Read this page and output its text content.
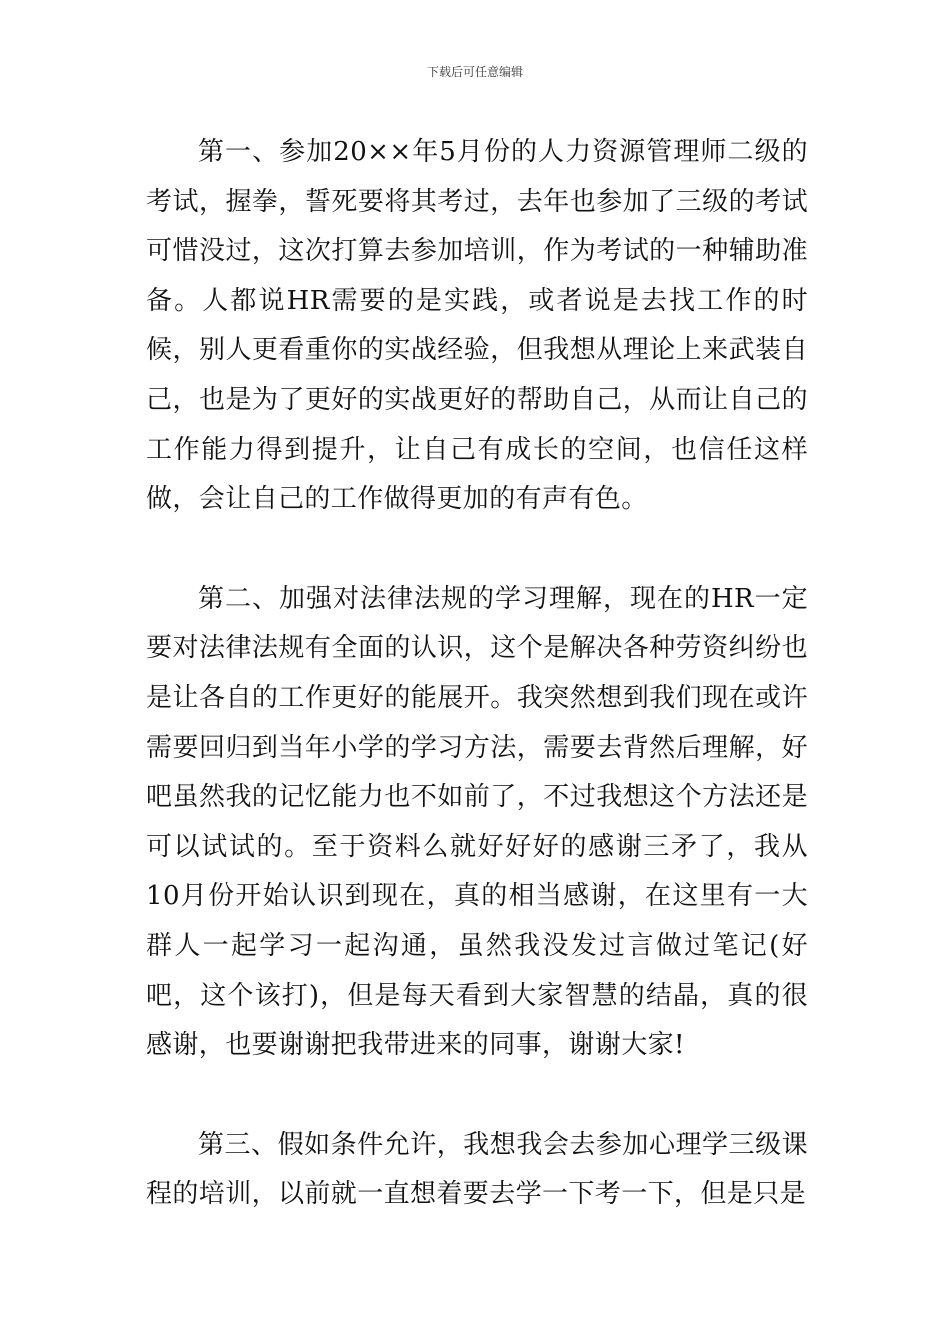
下载后可任意编辑

第一、参加20××年5月份的人力资源管理师二级的考试，握拳，誓死要将其考过，去年也参加了三级的考试可惜没过，这次打算去参加培训，作为考试的一种辅助准备。人都说HR需要的是实践，或者说是去找工作的时候，别人更看重你的实战经验，但我想从理论上来武装自己，也是为了更好的实战更好的帮助自己，从而让自己的工作能力得到提升，让自己有成长的空间，也信任这样做，会让自己的工作做得更加的有声有色。

第二、加强对法律法规的学习理解，现在的HR一定要对法律法规有全面的认识，这个是解决各种劳资纠纷也是让各自的工作更好的能展开。我突然想到我们现在或许需要回归到当年小学的学习方法，需要去背然后理解，好吧虽然我的记忆能力也不如前了，不过我想这个方法还是可以试试的。至于资料么就好好好的感谢三矛了，我从10月份开始认识到现在，真的相当感谢，在这里有一大群人一起学习一起沟通，虽然我没发过言做过笔记(好吧，这个该打)，但是每天看到大家智慧的结晶，真的很感谢，也要谢谢把我带进来的同事，谢谢大家!

第三、假如条件允许，我想我会去参加心理学三级课程的培训，以前就一直想着要去学一下考一下，但是只是
